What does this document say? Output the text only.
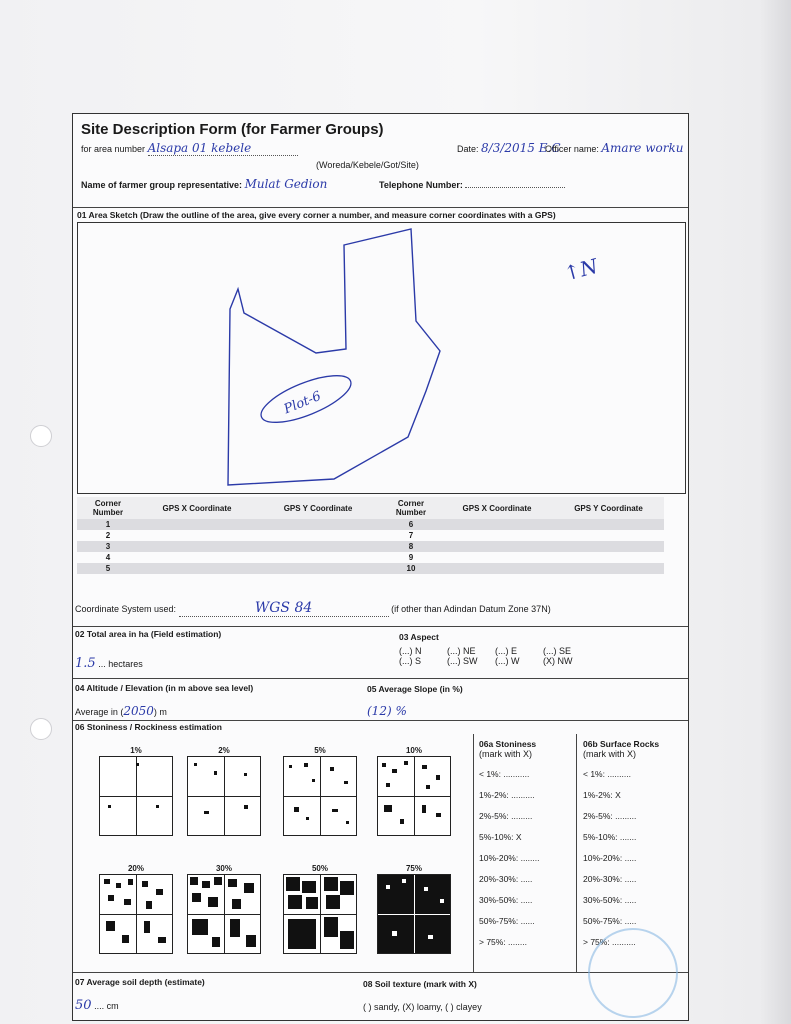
Site Description Form (for Farmer Groups)
for area number Alsapa 01 kebele	Date: 8/3/2015 E.C
Officer name: Amare worku
(Woreda/Kebele/Got/Site)
Name of farmer group representative: Mulat Gedion	Telephone Number:
01 Area Sketch (Draw the outline of the area, give every corner a number, and measure corner coordinates with a GPS)
Plot-6
↑N
Corner Number	GPS X Coordinate	GPS Y Coordinate	Corner Number	GPS X Coordinate	GPS Y Coordinate
1			6		
2			7		
3			8		
4			9		
5			10		
Coordinate System used:	WGS 84	(if other than Adindan Datum Zone 37N)
02 Total area in ha (Field estimation)
1.5 ... hectares
03 Aspect
(...) N	(...) NE (...) E	(...) SE
(...) S	(...) SW (...) W	(X) NW
04 Altitude / Elevation (in m above sea level)
Average in (2050) m
05 Average Slope (in %)
(12) %
06 Stoniness / Rockiness estimation
1%	2%	5%	10%
20%	30%	50%	75%
06a Stoniness
(mark with X)
< 1%: ...........
1%-2%: ..........
2%-5%: .........
5%-10%: X
10%-20%: ........
20%-30%: .....
30%-50%: .....
50%-75%: ......
> 75%: ........
06b Surface Rocks
(mark with X)
< 1%: ..........
1%-2%: X
2%-5%: .........
5%-10%: .......
10%-20%: .....
20%-30%: .....
30%-50%: .....
50%-75%: .....
> 75%: ..........
07 Average soil depth (estimate)
50 .... cm
08 Soil texture (mark with X)
( ) sandy, (X) loamy, ( ) clayey
